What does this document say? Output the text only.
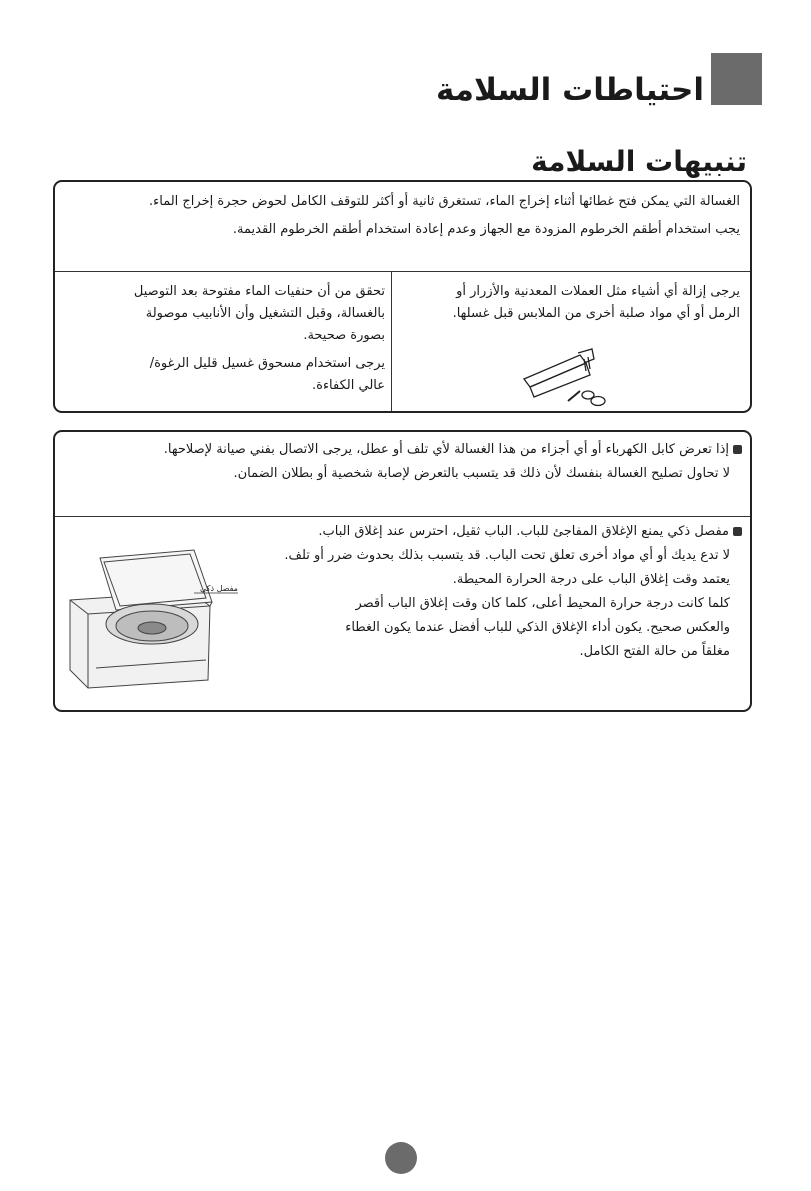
احتياطات السلامة
تنبيهات السلامة

الغسالة التي يمكن فتح غطائها أثناء إخراج الماء، تستغرق ثانية أو أكثر للتوقف الكامل لحوض حجرة إخراج الماء.

يجب استخدام أطقم الخرطوم المزودة مع الجهاز وعدم إعادة استخدام أطقم الخرطوم القديمة.

يرجى إزالة أي أشياء مثل العملات المعدنية والأزرار أو

الرمل أو أي مواد صلبة أخرى من الملابس قبل غسلها.

تحقق من أن حنفيات الماء مفتوحة بعد التوصيل

بالغسالة، وقبل التشغيل وأن الأنابيب موصولة

بصورة صحيحة.

يرجى استخدام مسحوق غسيل قليل الرغوة/

عالي الكفاءة.

إذا تعرض كابل الكهرباء أو أي أجزاء من هذا الغسالة لأي تلف أو عطل، يرجى الاتصال بفني صيانة لإصلاحها.

لا تحاول تصليح الغسالة بنفسك لأن ذلك قد يتسبب بالتعرض لإصابة شخصية أو بطلان الضمان.

مفصل ذكي يمنع الإغلاق المفاجئ للباب. الباب ثقيل، احترس عند إغلاق الباب.

لا تدع يديك أو أي مواد أخرى تعلق تحت الباب. قد يتسبب بذلك بحدوث ضرر أو تلف.

يعتمد وقت إغلاق الباب على درجة الحرارة المحيطة.

كلما كانت درجة حرارة المحيط أعلى، كلما كان وقت إغلاق الباب أقصر

والعكس صحيح. يكون أداء الإغلاق الذكي للباب أفضل عندما يكون الغطاء

مغلقاً من حالة الفتح الكامل.

مفصل ذكي
